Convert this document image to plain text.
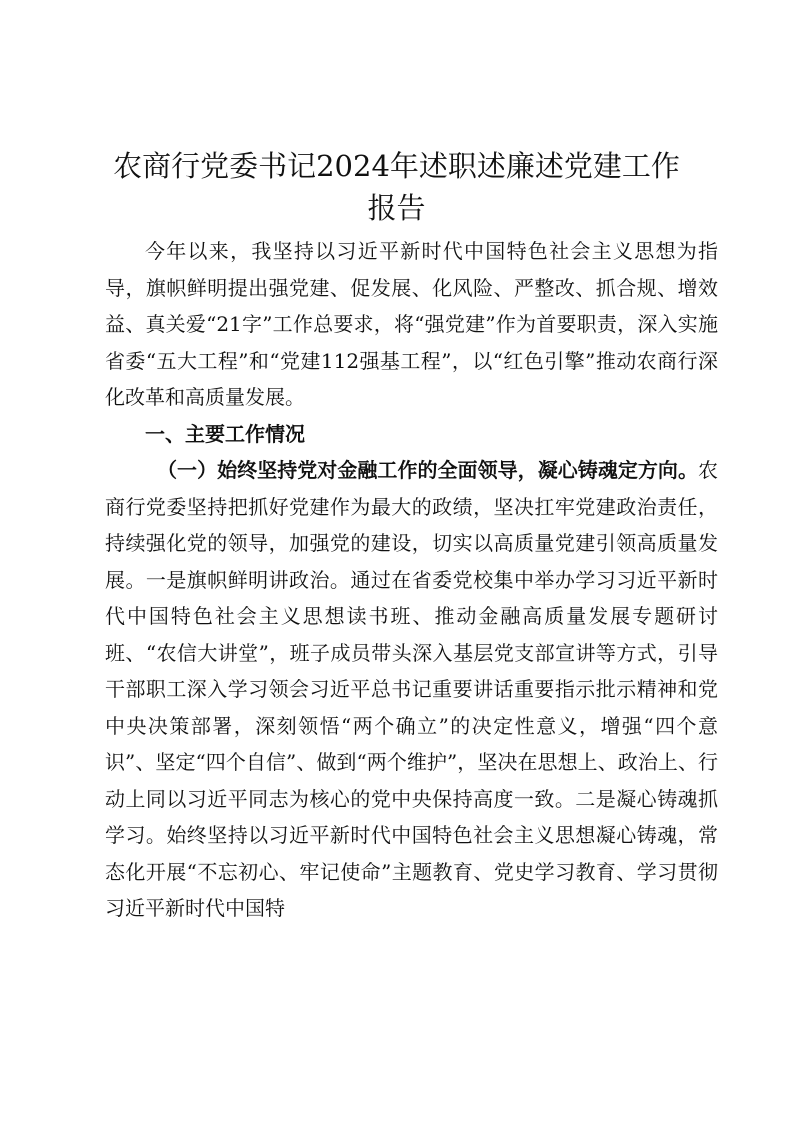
农商行党委书记2024年述职述廉述党建工作
报告

今年以来，我坚持以习近平新时代中国特色社会主义思想为指导，旗帜鲜明提出强党建、促发展、化风险、严整改、抓合规、增效益、真关爱“21字”工作总要求，将“强党建”作为首要职责，深入实施省委“五大工程”和“党建112强基工程”，以“红色引擎”推动农商行深化改革和高质量发展。

一、主要工作情况

（一）始终坚持党对金融工作的全面领导，凝心铸魂定方向。农商行党委坚持把抓好党建作为最大的政绩，坚决扛牢党建政治责任，持续强化党的领导，加强党的建设，切实以高质量党建引领高质量发展。一是旗帜鲜明讲政治。通过在省委党校集中举办学习习近平新时代中国特色社会主义思想读书班、推动金融高质量发展专题研讨班、“农信大讲堂”，班子成员带头深入基层党支部宣讲等方式，引导干部职工深入学习领会习近平总书记重要讲话重要指示批示精神和党中央决策部署，深刻领悟“两个确立”的决定性意义，增强“四个意识”、坚定“四个自信”、做到“两个维护”，坚决在思想上、政治上、行动上同以习近平同志为核心的党中央保持高度一致。二是凝心铸魂抓学习。始终坚持以习近平新时代中国特色社会主义思想凝心铸魂，常态化开展“不忘初心、牢记使命”主题教育、党史学习教育、学习贯彻习近平新时代中国特
